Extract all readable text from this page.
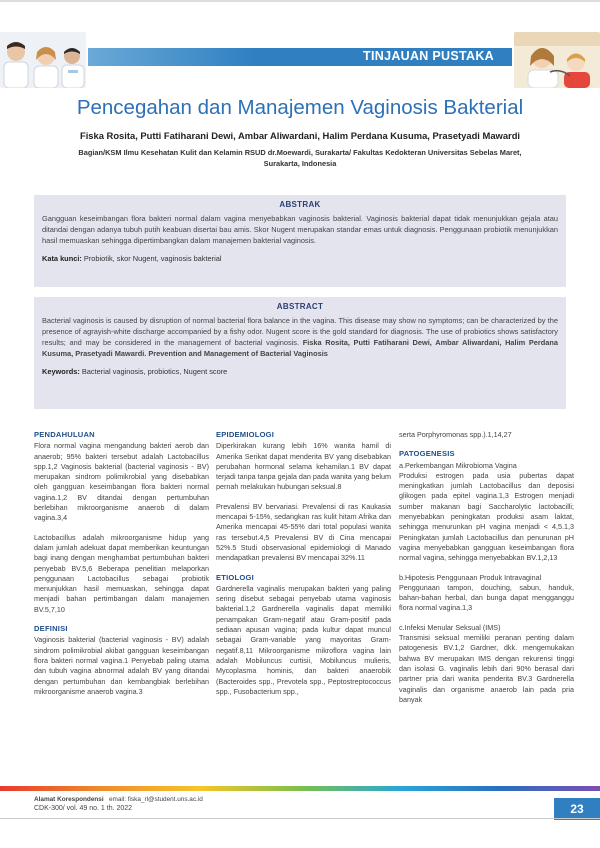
TINJAUAN PUSTAKA
Pencegahan dan Manajemen Vaginosis Bakterial
Fiska Rosita, Putti Fatiharani Dewi, Ambar Aliwardani, Halim Perdana Kusuma, Prasetyadi Mawardi
Bagian/KSM Ilmu Kesehatan Kulit dan Kelamin RSUD dr.Moewardi, Surakarta/ Fakultas Kedokteran Universitas Sebelas Maret,
Surakarta, Indonesia
ABSTRAK
Gangguan keseimbangan flora bakteri normal dalam vagina menyebabkan vaginosis bakterial. Vaginosis bakterial dapat tidak menunjukkan gejala atau ditandai dengan adanya tubuh putih keabuan disertai bau amis. Skor Nugent merupakan standar emas untuk diagnosis. Penggunaan probiotik menunjukkan hasil memuaskan sehingga dipertimbangkan dalam manajemen bakterial vaginosis.
Kata kunci: Probiotik, skor Nugent, vaginosis bakterial
ABSTRACT
Bacterial vaginosis is caused by disruption of normal bacterial flora balance in the vagina. This disease may show no symptoms; can be characterized by the presence of agrayish-white discharge accompanied by a fishy odor. Nugent score is the gold standard for diagnosis. The use of probiotics shows satisfactory results; and may be considered in the management of bacterial vaginosis. Fiska Rosita, Putti Fatiharani Dewi, Ambar Aliwardani, Halim Perdana Kusuma, Prasetyadi Mawardi. Prevention and Management of Bacterial Vaginosis
Keywords: Bacterial vaginosis, probiotics, Nugent score
PENDAHULUAN

Flora normal vagina mengandung bakteri aerob dan anaerob; 95% bakteri tersebut adalah Lactobacillus spp.1,2 Vaginosis bakterial (bacterial vaginosis - BV) merupakan sindrom polimikrobial yang disebabkan oleh gangguan keseimbangan flora bakteri normal vagina.1,2 BV ditandai dengan pertumbuhan berlebihan mikroorganisme anaerob di dalam vagina.3,4

Lactobacillus adalah mikroorganisme hidup yang dalam jumlah adekuat dapat memberikan keuntungan bagi inang dengan menghambat pertumbuhan bakteri penyebab BV.5,6 Beberapa penelitian melaporkan penggunaan Lactobacillus sebagai probiotik menunjukkan hasil memuaskan, sehingga dapat menjadi bahan pertimbangan dalam manajemen BV.5,7,10

DEFINISI

Vaginosis bakterial (bacterial vaginosis - BV) adalah sindrom polimikrobial akibat gangguan keseimbangan flora bakteri normal vagina.1 Penyebab paling utama dan tubuh vagina abnormal adalah BV yang ditandai dengan pertumbuhan dan kembangbiak berlebihan mikroorganisme anaerob vagina.3

EPIDEMIOLOGI

Diperkirakan kurang lebih 16% wanita hamil di Amerika Serikat dapat menderita BV yang disebabkan perubahan hormonal selama kehamilan.1 BV dapat terjadi tanpa tanpa gejala dan pada wanita yang belum pernah melakukan hubungan seksual.8

Prevalensi BV bervariasi. Prevalensi di ras Kaukasia mencapai 5-15%, sedangkan ras kulit hitam Afrika dan Amerika mencapai 45-55% dari total populasi wanita ras tersebut.4,5 Prevalensi BV di Cina mencapai 52%.5 Studi observasional epidemiologi di Manado mendapatkan prevalensi BV mencapai 32%.11

ETIOLOGI

Gardnerella vaginalis merupakan bakteri yang paling sering disebut sebagai penyebab utama vaginosis bakterial.1,2 Gardnerella vaginalis dapat memiliki penampakan Gram-negatif atau Gram-positif pada sediaan apusan vagina; pada kultur dapat muncul sebagai Gram-variable yang mayoritas Gram-negatif.8,11 Mikroorganisme mikroflora vagina lain adalah Mobiluncus curtisii, Mobiluncus mulieris, Mycoplasma hominis, dan bakteri anaerobik (Bacteroides spp., Prevotela spp., Peptostreptococcus spp., Fusobacterium spp.,

serta Porphyromonas spp.).1,14,27

PATOGENESIS
a.Perkembangan Mikrobioma Vagina

Produksi estrogen pada usia pubertas dapat meningkatkan jumlah Lactobacillus dan deposisi glikogen pada epitel vagina.1,3 Estrogen menjadi sumber makanan bagi Saccharolytic lactobacilli; menyebabkan peningkatan produksi asam laktat, sehingga menurunkan pH vagina menjadi < 4,5.1,3 Peningkatan jumlah Lactobacillus dan penurunan pH vagina menyebabkan gangguan keseimbangan flora normal vagina, sehingga menyebabkan BV.1,2,13

b.Hipotesis Penggunaan Produk Intravaginal

Penggunaan tampon, douching, sabun, handuk, bahan-bahan herbal, dan bunga dapat mengganggu flora normal vagina.1,3

c.Infeksi Menular Seksual (IMS)

Transmisi seksual memiliki peranan penting dalam patogenesis BV.1,2 Gardner, dkk. mengemukakan bahwa BV merupakan IMS dengan rekurensi tinggi dan isolasi G. vaginalis lebih dari 90% berasal dari partner pria dari wanita penderita BV.3 Gardnerella vaginalis dan organisme anaerob lain pada pria banyak

Alamat Korespondensi email: fiska_rl@student.uns.ac.id
CDK-300/ vol. 49 no. 1 th. 2022	23
